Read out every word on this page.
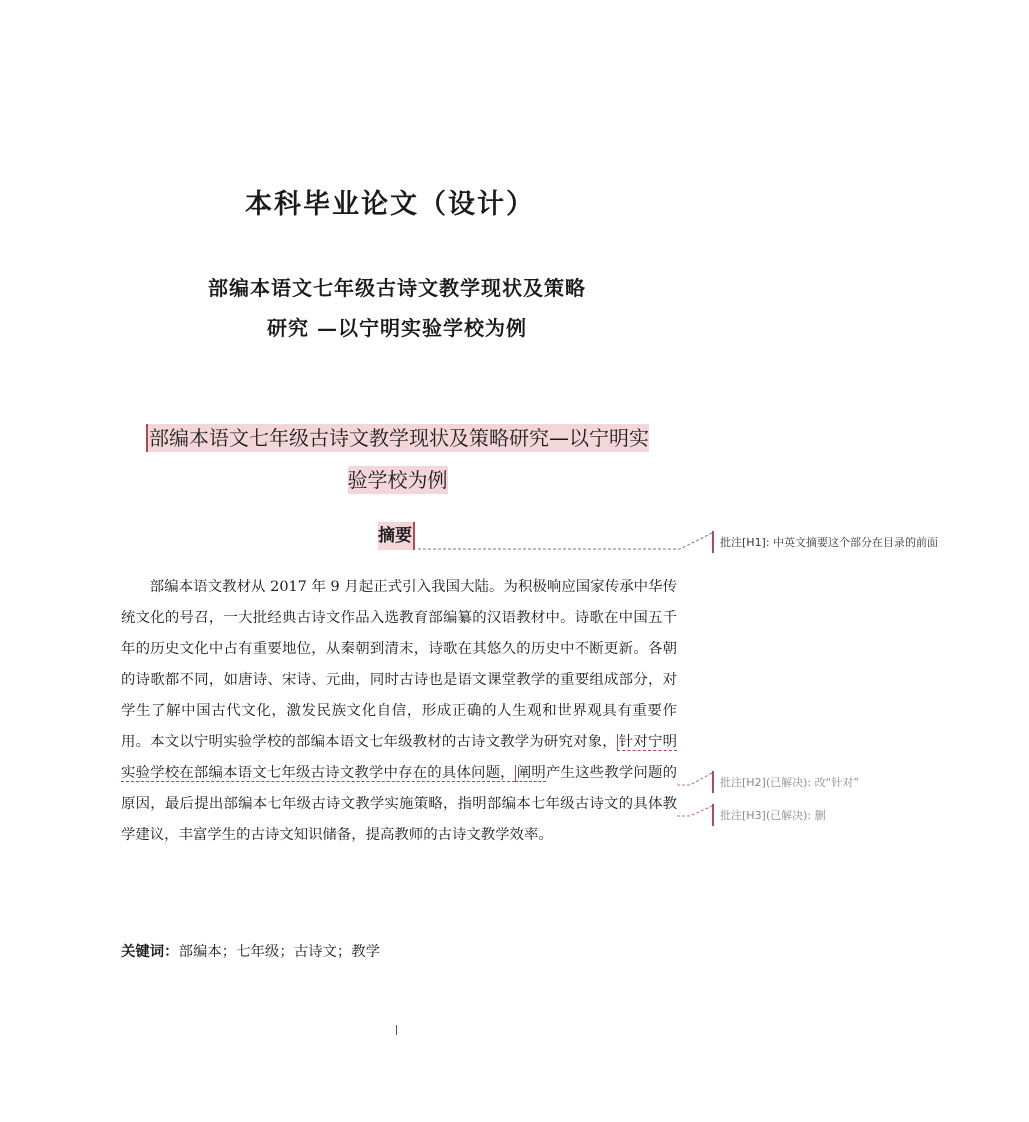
本科毕业论文（设计）
部编本语文七年级古诗文教学现状及策略
研究 —以宁明实验学校为例

部编本语文七年级古诗文教学现状及策略研究—以宁明实

验学校为例

摘要

部编本语文教材从 2017 年 9 月起正式引入我国大陆。为积极响应国家传承中华传统文化的号召，一大批经典古诗文作品入选教育部编纂的汉语教材中。诗歌在中国五千年的历史文化中占有重要地位，从秦朝到清末，诗歌在其悠久的历史中不断更新。各朝的诗歌都不同，如唐诗、宋诗、元曲，同时古诗也是语文课堂教学的重要组成部分，对学生了解中国古代文化，激发民族文化自信，形成正确的人生观和世界观具有重要作用。本文以宁明实验学校的部编本语文七年级教材的古诗文教学为研究对象， 针对宁明实验学校在部编本语文七年级古诗文教学中存在的具体问题， 阐明产生这些教学问题的原因，最后提出部编本七年级古诗文教学实施策略，指明部编本七年级古诗文的具体教学建议，丰富学生的古诗文知识储备，提高教师的古诗文教学效率。

关键词：部编本；七年级；古诗文；教学

批注[H1]: 中英文摘要这个部分在目录的前面
批注[H2](已解决): 改“针对”
批注[H3](已解决): 删
